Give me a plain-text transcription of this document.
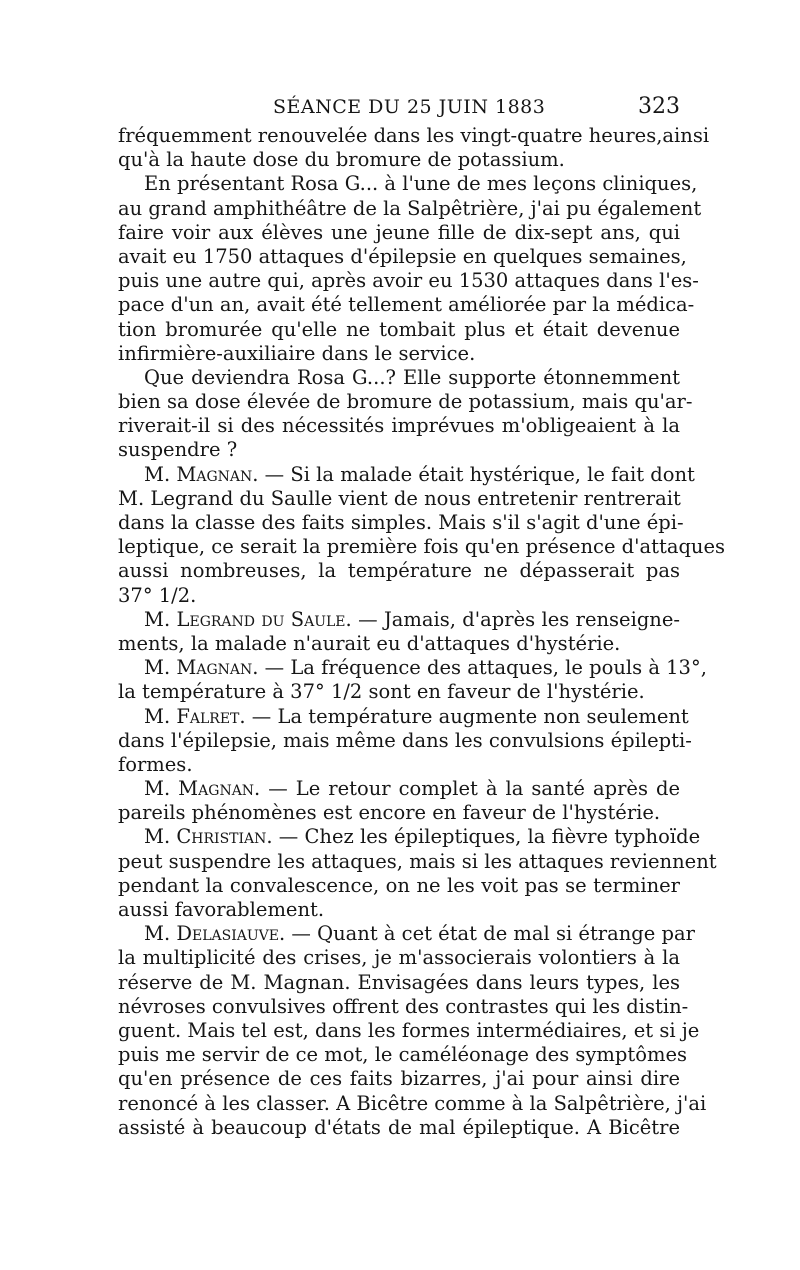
SÉANCE DU 25 JUIN 1883	323
fréquemment renouvelée dans les vingt-quatre heures,ainsi
qu'à la haute dose du bromure de potassium.
En présentant Rosa G... à l'une de mes leçons cliniques,
au grand amphithéâtre de la Salpêtrière, j'ai pu également
faire voir aux élèves une jeune fille de dix-sept ans, qui
avait eu 1750 attaques d'épilepsie en quelques semaines,
puis une autre qui, après avoir eu 1530 attaques dans l'es-
pace d'un an, avait été tellement améliorée par la médica-
tion bromurée qu'elle ne tombait plus et était devenue
infirmière-auxiliaire dans le service.
Que deviendra Rosa G...? Elle supporte étonnemment
bien sa dose élevée de bromure de potassium, mais qu'ar-
riverait-il si des nécessités imprévues m'obligeaient à la
suspendre ?
M. Magnan. — Si la malade était hystérique, le fait dont
M. Legrand du Saulle vient de nous entretenir rentrerait
dans la classe des faits simples. Mais s'il s'agit d'une épi-
leptique, ce serait la première fois qu'en présence d'attaques
aussi nombreuses, la température ne dépasserait pas
37° 1/2.
M. Legrand du Saule. — Jamais, d'après les renseigne-
ments, la malade n'aurait eu d'attaques d'hystérie.
M. Magnan. — La fréquence des attaques, le pouls à 13°,
la température à 37° 1/2 sont en faveur de l'hystérie.
M. Falret. — La température augmente non seulement
dans l'épilepsie, mais même dans les convulsions épilepti-
formes.
M. Magnan. — Le retour complet à la santé après de
pareils phénomènes est encore en faveur de l'hystérie.
M. Christian. — Chez les épileptiques, la fièvre typhoïde
peut suspendre les attaques, mais si les attaques reviennent
pendant la convalescence, on ne les voit pas se terminer
aussi favorablement.
M. Delasiauve. — Quant à cet état de mal si étrange par
la multiplicité des crises, je m'associerais volontiers à la
réserve de M. Magnan. Envisagées dans leurs types, les
névroses convulsives offrent des contrastes qui les distin-
guent. Mais tel est, dans les formes intermédiaires, et si je
puis me servir de ce mot, le caméléonage des symptômes
qu'en présence de ces faits bizarres, j'ai pour ainsi dire
renoncé à les classer. A Bicêtre comme à la Salpêtrière, j'ai
assisté à beaucoup d'états de mal épileptique. A Bicêtre
